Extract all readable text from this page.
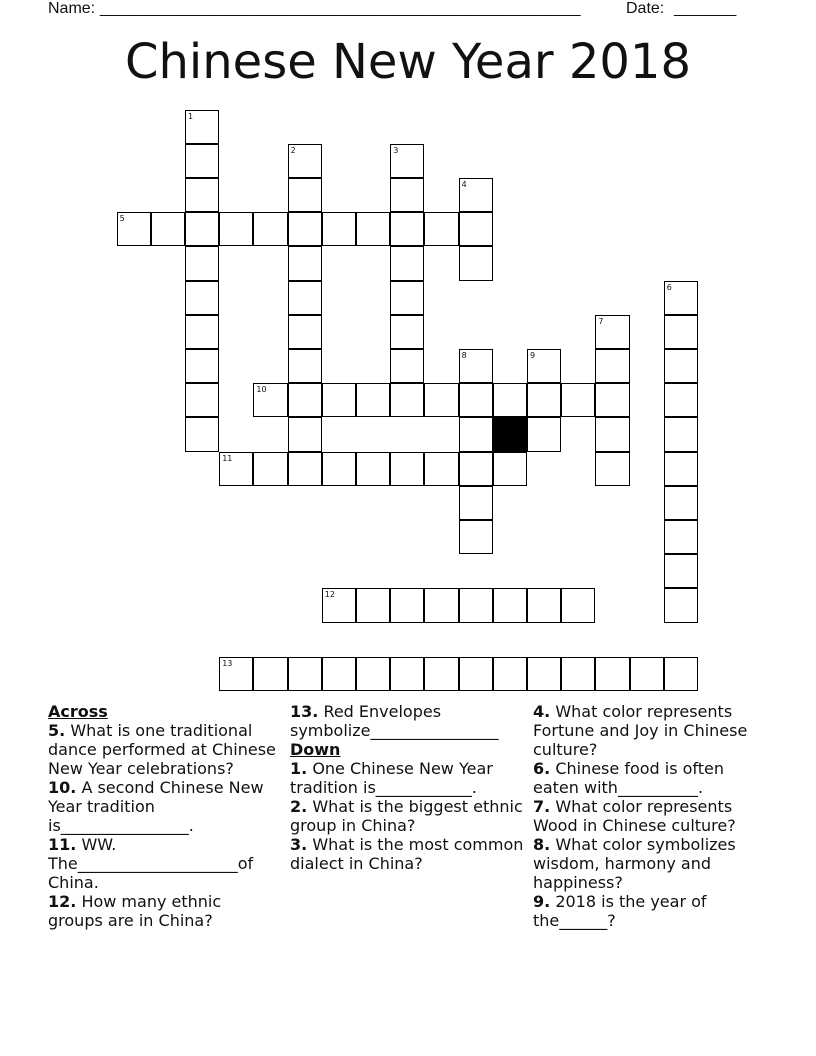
Name: ______________________________________________________	Date: _______
Chinese New Year 2018
1
2	3
4
5
6
7
8	9
10
11
12
13
Across

5. What is one traditional dance performed at Chinese New Year celebrations?

10. A second Chinese New Year tradition is________________.

11. WW. The____________________of China.

12. How many ethnic groups are in China?

13. Red Envelopes symbolize________________

Down

1. One Chinese New Year tradition is____________.

2. What is the biggest ethnic group in China?

3. What is the most common dialect in China?

4. What color represents Fortune and Joy in Chinese culture?

6. Chinese food is often eaten with__________.

7. What color represents Wood in Chinese culture?

8. What color symbolizes wisdom, harmony and happiness?

9. 2018 is the year of the______?
